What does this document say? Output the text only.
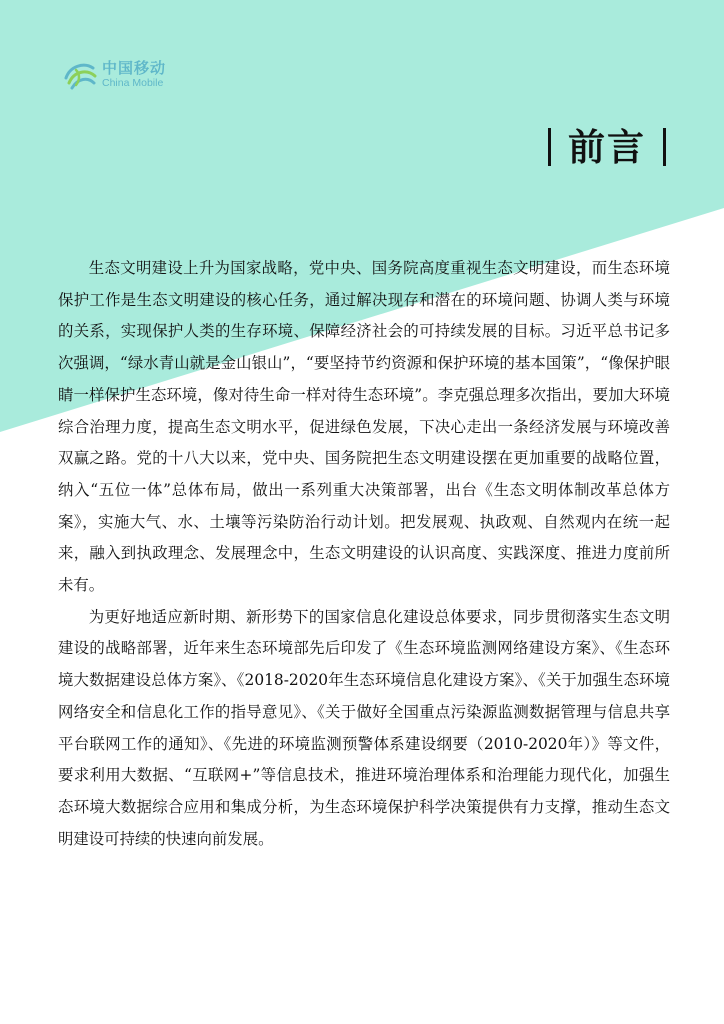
中国移动
China Mobile
前言

生态文明建设上升为国家战略，党中央、国务院高度重视生态文明建设，而生态环境保护工作是生态文明建设的核心任务，通过解决现存和潜在的环境问题、协调人类与环境的关系，实现保护人类的生存环境、保障经济社会的可持续发展的目标。习近平总书记多次强调，“绿水青山就是金山银山”，“要坚持节约资源和保护环境的基本国策”，“像保护眼睛一样保护生态环境，像对待生命一样对待生态环境”。李克强总理多次指出，要加大环境综合治理力度，提高生态文明水平，促进绿色发展，下决心走出一条经济发展与环境改善双赢之路。党的十八大以来，党中央、国务院把生态文明建设摆在更加重要的战略位置，纳入“五位一体”总体布局，做出一系列重大决策部署，出台《生态文明体制改革总体方案》，实施大气、水、土壤等污染防治行动计划。把发展观、执政观、自然观内在统一起来，融入到执政理念、发展理念中，生态文明建设的认识高度、实践深度、推进力度前所未有。

为更好地适应新时期、新形势下的国家信息化建设总体要求，同步贯彻落实生态文明建设的战略部署，近年来生态环境部先后印发了《生态环境监测网络建设方案》、《生态环境大数据建设总体方案》、《2018-2020年生态环境信息化建设方案》、《关于加强生态环境网络安全和信息化工作的指导意见》、《关于做好全国重点污染源监测数据管理与信息共享平台联网工作的通知》、《先进的环境监测预警体系建设纲要（2010-2020年）》等文件，要求利用大数据、“互联网+”等信息技术，推进环境治理体系和治理能力现代化，加强生态环境大数据综合应用和集成分析，为生态环境保护科学决策提供有力支撑，推动生态文明建设可持续的快速向前发展。
